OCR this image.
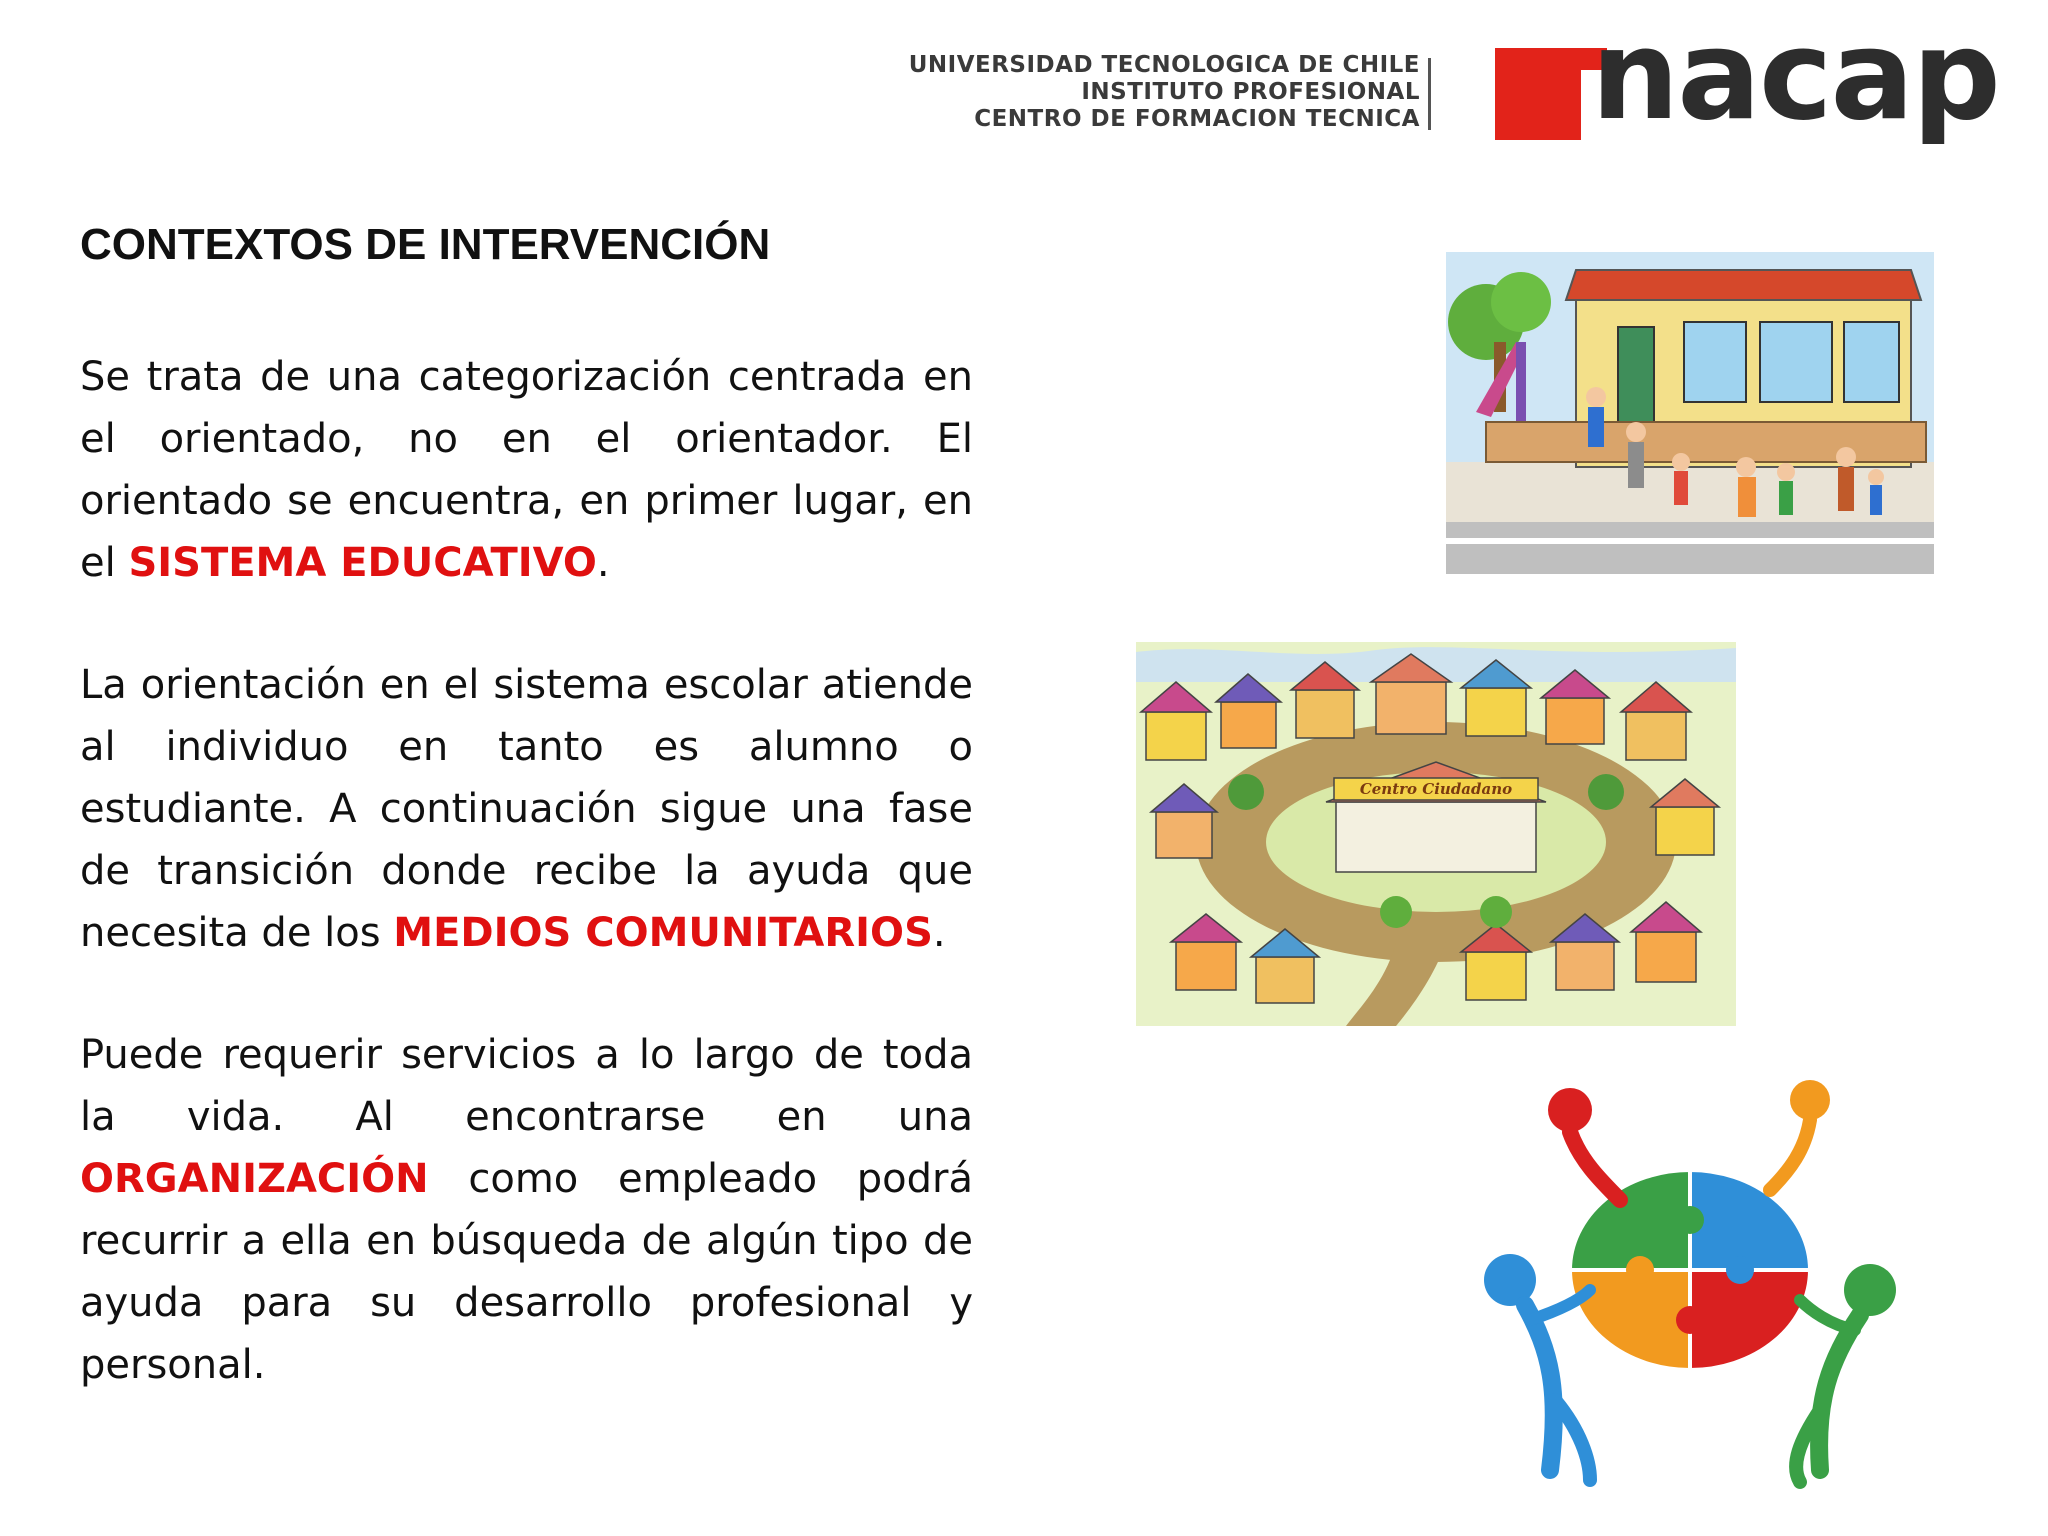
UNIVERSIDAD TECNOLOGICA DE CHILE
INSTITUTO PROFESIONAL
CENTRO DE FORMACION TECNICA nacap
CONTEXTOS DE INTERVENCIÓN
Se trata de una categorización centrada en el orientado, no en el orientador. El orientado se encuentra, en primer lugar, en el SISTEMA EDUCATIVO.
La orientación en el sistema escolar atiende al individuo en tanto es alumno o estudiante. A continuación sigue una fase de transición donde recibe la ayuda que necesita de los MEDIOS COMUNITARIOS.
Puede requerir servicios a lo largo de toda la vida. Al encontrarse en una ORGANIZACIÓN como empleado podrá recurrir a ella en búsqueda de algún tipo de ayuda para su desarrollo profesional y personal.
Centro Ciudadano
